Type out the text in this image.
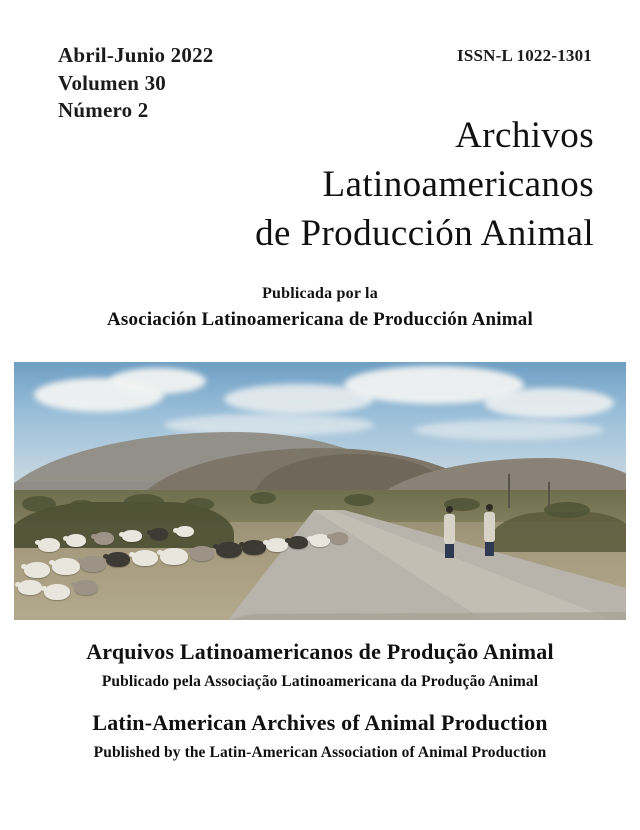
Abril-Junio 2022
Volumen 30
Número 2
ISSN-L 1022-1301
Archivos
Latinoamericanos
de Producción Animal
Publicada por la
Asociación Latinoamericana de Producción Animal
Arquivos Latinoamericanos de Produção Animal
Publicado pela Associação Latinoamericana da Produção Animal
Latin-American Archives of Animal Production
Published by the Latin-American Association of Animal Production
